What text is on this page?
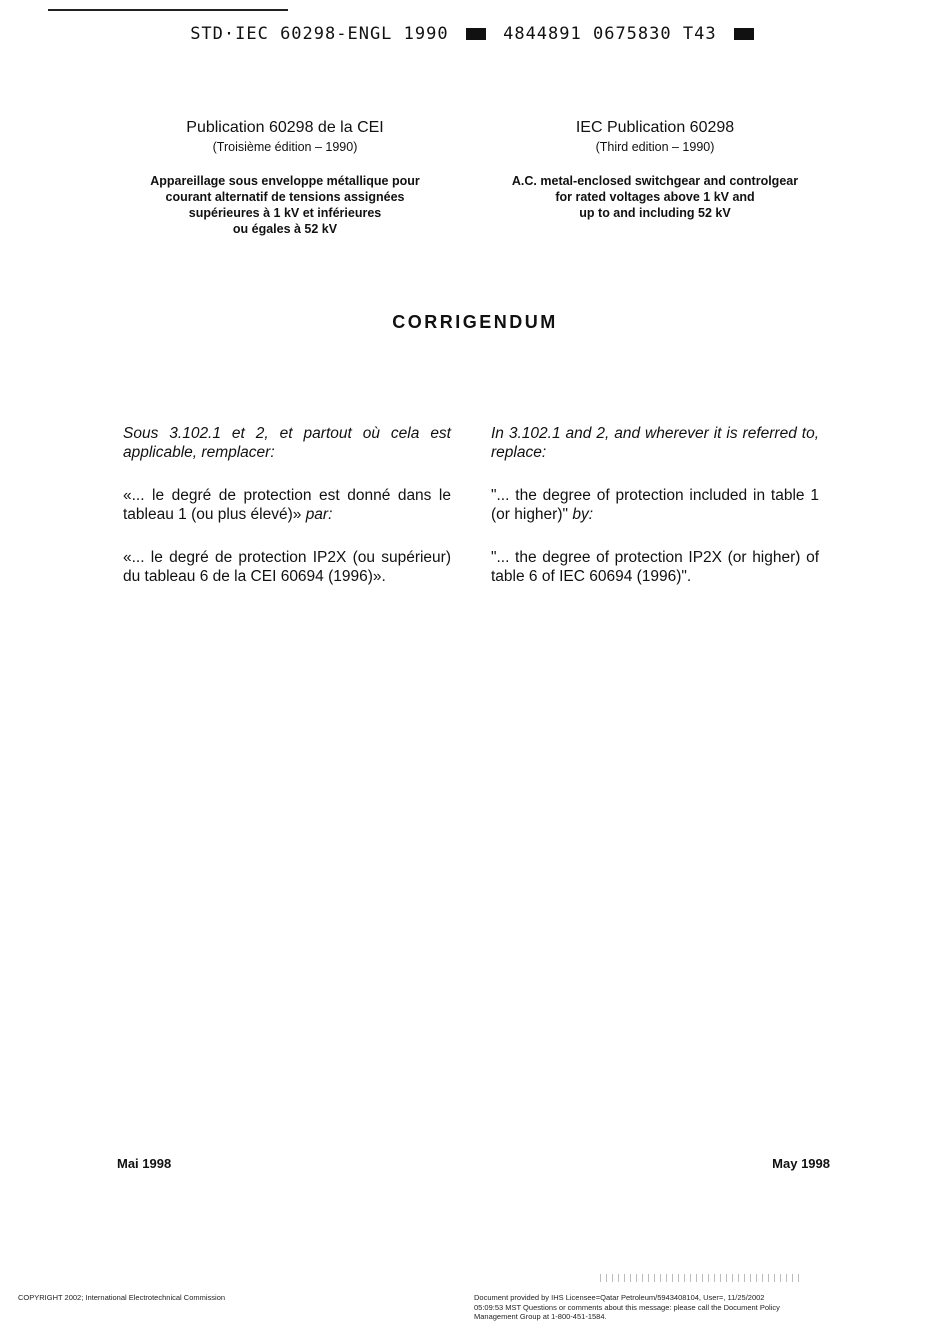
STD·IEC 60298-ENGL 1990	4844891 0675830 T43

Publication 60298 de la CEI

(Troisième édition – 1990)

Appareillage sous enveloppe métallique pour
courant alternatif de tensions assignées
supérieures à 1 kV et inférieures
ou égales à 52 kV

IEC Publication 60298

(Third edition – 1990)

A.C. metal-enclosed switchgear and controlgear
for rated voltages above 1 kV and
up to and including 52 kV

CORRIGENDUM

Sous 3.102.1 et 2, et partout où cela est applicable, remplacer:

«... le degré de protection est donné dans le tableau 1 (ou plus élevé)» par:

«... le degré de protection IP2X (ou supérieur) du tableau 6 de la CEI 60694 (1996)».

In 3.102.1 and 2, and wherever it is referred to, replace:

"... the degree of protection included in table 1 (or higher)" by:

"... the degree of protection IP2X (or higher) of table 6 of IEC 60694 (1996)".

Mai 1998	May 1998
COPYRIGHT 2002; International Electrotechnical Commission	Document provided by IHS Licensee=Qatar Petroleum/5943408104, User=, 11/25/2002 05:09:53 MST Questions or comments about this message: please call the Document Policy Management Group at 1-800-451-1584.
